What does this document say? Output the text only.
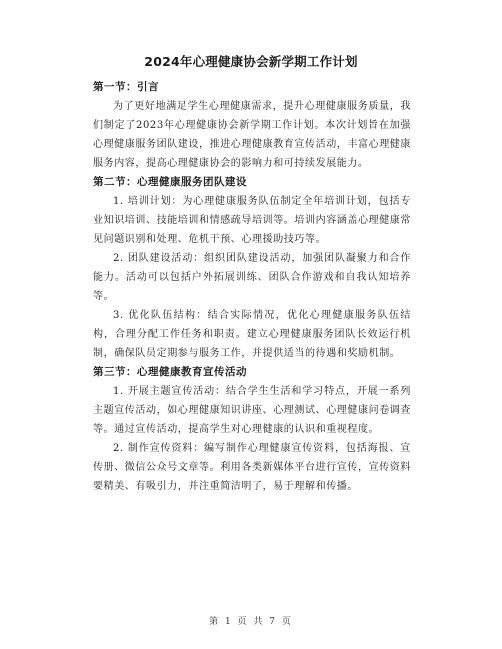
2024年心理健康协会新学期工作计划

第一节：引言

为了更好地满足学生心理健康需求，提升心理健康服务质量，我们制定了2023年心理健康协会新学期工作计划。本次计划旨在加强心理健康服务团队建设，推进心理健康教育宣传活动，丰富心理健康服务内容，提高心理健康协会的影响力和可持续发展能力。

第二节：心理健康服务团队建设

1. 培训计划：为心理健康服务队伍制定全年培训计划，包括专业知识培训、技能培训和情感疏导培训等。培训内容涵盖心理健康常见问题识别和处理、危机干预、心理援助技巧等。

2. 团队建设活动：组织团队建设活动，加强团队凝聚力和合作能力。活动可以包括户外拓展训练、团队合作游戏和自我认知培养等。

3. 优化队伍结构：结合实际情况，优化心理健康服务队伍结构，合理分配工作任务和职责。建立心理健康服务团队长效运行机制，确保队员定期参与服务工作，并提供适当的待遇和奖励机制。

第三节：心理健康教育宣传活动

1. 开展主题宣传活动：结合学生生活和学习特点，开展一系列主题宣传活动，如心理健康知识讲座、心理测试、心理健康问卷调查等。通过宣传活动，提高学生对心理健康的认识和重视程度。

2. 制作宣传资料：编写制作心理健康宣传资料，包括海报、宣传册、微信公众号文章等。利用各类新媒体平台进行宣传，宣传资料要精美、有吸引力，并注重简洁明了，易于理解和传播。

第 1 页 共 7 页
